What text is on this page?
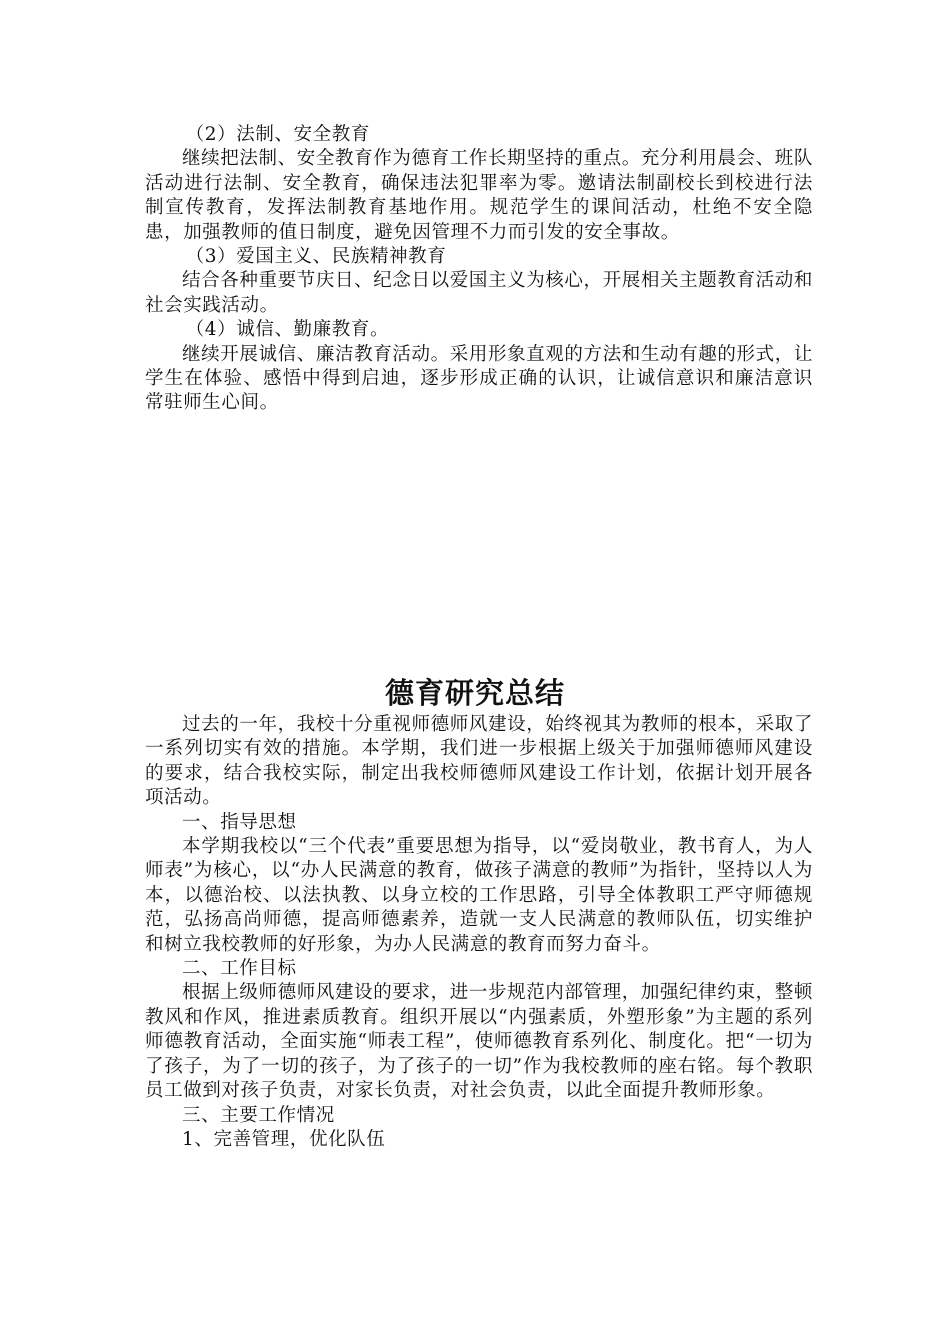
（2）法制、安全教育

继续把法制、安全教育作为德育工作长期坚持的重点。充分利用晨会、班队活动进行法制、安全教育，确保违法犯罪率为零。邀请法制副校长到校进行法制宣传教育，发挥法制教育基地作用。规范学生的课间活动，杜绝不安全隐患，加强教师的值日制度，避免因管理不力而引发的安全事故。

（3）爱国主义、民族精神教育

结合各种重要节庆日、纪念日以爱国主义为核心，开展相关主题教育活动和社会实践活动。

（4）诚信、勤廉教育。

继续开展诚信、廉洁教育活动。采用形象直观的方法和生动有趣的形式，让学生在体验、感悟中得到启迪，逐步形成正确的认识，让诚信意识和廉洁意识常驻师生心间。

德育研究总结

过去的一年，我校十分重视师德师风建设，始终视其为教师的根本，采取了一系列切实有效的措施。本学期，我们进一步根据上级关于加强师德师风建设的要求，结合我校实际，制定出我校师德师风建设工作计划，依据计划开展各项活动。

一、指导思想

本学期我校以“三个代表”重要思想为指导，以“爱岗敬业，教书育人，为人师表”为核心，以“办人民满意的教育，做孩子满意的教师”为指针，坚持以人为本，以德治校、以法执教、以身立校的工作思路，引导全体教职工严守师德规范，弘扬高尚师德，提高师德素养，造就一支人民满意的教师队伍，切实维护和树立我校教师的好形象，为办人民满意的教育而努力奋斗。

二、工作目标

根据上级师德师风建设的要求，进一步规范内部管理，加强纪律约束，整顿教风和作风，推进素质教育。组织开展以“内强素质，外塑形象”为主题的系列师德教育活动，全面实施“师表工程”，使师德教育系列化、制度化。把“一切为了孩子，为了一切的孩子，为了孩子的一切”作为我校教师的座右铭。每个教职员工做到对孩子负责，对家长负责，对社会负责，以此全面提升教师形象。

三、主要工作情况

1、完善管理，优化队伍
